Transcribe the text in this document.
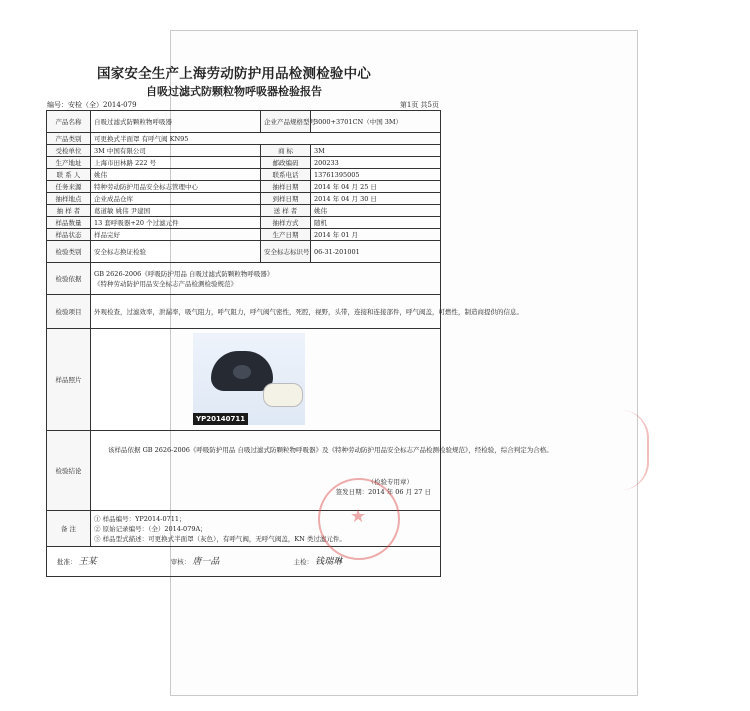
国家安全生产上海劳动防护用品检测检验中心
自吸过滤式防颗粒物呼吸器检验报告
编号：安检（全）2014-079	第1页 共5页
产品名称	自吸过滤式防颗粒物呼吸器	企业产品规格型号	3000+3701CN（中国 3M）
产品类别	可更换式半面罩 有呼气阀 KN95		
受检单位	3M 中国有限公司	商 标	3M
生产地址	上海市田林路 222 号	邮政编码	200233
联 系 人	姚伟	联系电话	13761395005
任务来源	特种劳动防护用品安全标志管理中心	抽样日期	2014 年 04 月 25 日
抽样地点	企业成品仓库	到样日期	2014 年 04 月 30 日
抽 样 者	葛道敏 姚伟 尹建国	送 样 者	姚伟
样品数量	13 套呼吸器+20 个过滤元件	抽样方式	随机
样品状态	样品完好	生产日期	2014 年 01 月
检验类别	安全标志换证检验	安全标志标识号	06-31-201001
检验依据	GB 2626-2006《呼吸防护用品 自吸过滤式防颗粒物呼吸器》
《特种劳动防护用品安全标志产品检测检验规范》		

检验项目	外观检查，过滤效率，泄漏率，吸气阻力，呼气阻力，呼气阀气密性，死腔，视野，头带，连接和连接部件，呼气阀盖，可燃性，制造商提供的信息。		
样品照片	YP20140711		

检验结论	该样品依据 GB 2626-2006《呼吸防护用品 自吸过滤式防颗粒物呼吸器》及《特种劳动防护用品安全标志产品检测检验规范》，经检验，综合判定为合格。
（检验专用章）
签发日期：2014 年 06 月 27 日		

备 注	① 样品编号：YP2014-0711；
② 原始记录编号：（全）2014-079A；
③ 样品型式描述：可更换式半面罩（灰色），有呼气阀，无呼气阀盖，KN 类过滤元件。		

批准： 王某 审核： 唐一品 主检： 钱瑞琳			
★
